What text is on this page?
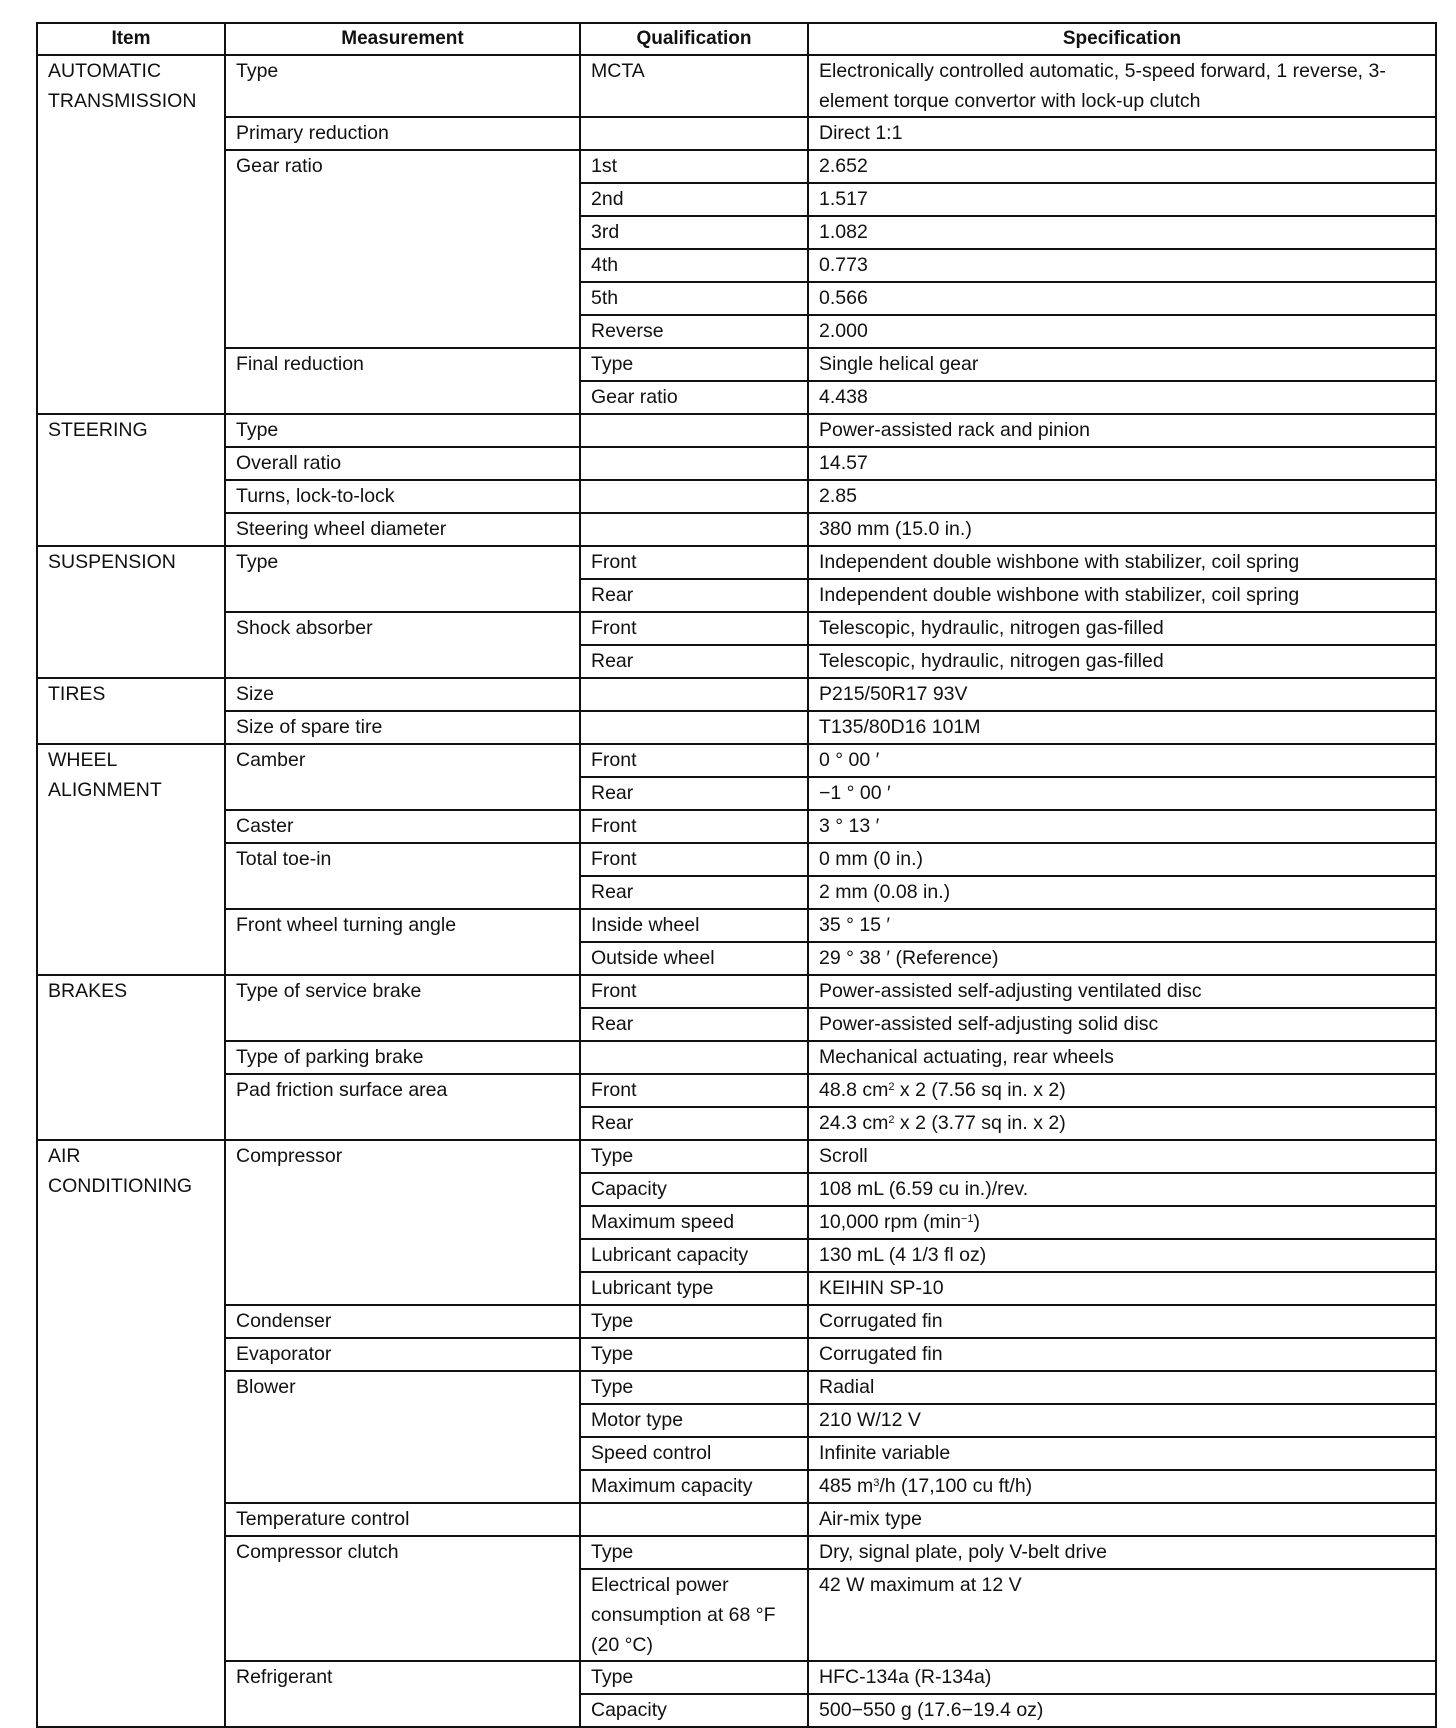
Item	Measurement	Qualification	Specification
AUTOMATIC TRANSMISSION	Type	MCTA	Electronically controlled automatic, 5-speed forward, 1 reverse, 3-element torque convertor with lock-up clutch
	Primary reduction		Direct 1:1
	Gear ratio	1st	2.652
		2nd	1.517
		3rd	1.082
		4th	0.773
		5th	0.566
		Reverse	2.000
	Final reduction	Type	Single helical gear
		Gear ratio	4.438
STEERING	Type		Power-assisted rack and pinion
	Overall ratio		14.57
	Turns, lock-to-lock		2.85
	Steering wheel diameter		380 mm (15.0 in.)
SUSPENSION	Type	Front	Independent double wishbone with stabilizer, coil spring
		Rear	Independent double wishbone with stabilizer, coil spring
	Shock absorber	Front	Telescopic, hydraulic, nitrogen gas-filled
		Rear	Telescopic, hydraulic, nitrogen gas-filled
TIRES	Size		P215/50R17 93V
	Size of spare tire		T135/80D16 101M
WHEEL ALIGNMENT	Camber	Front	0 ° 00 ′
		Rear	−1 ° 00 ′
	Caster	Front	3 ° 13 ′
	Total toe-in	Front	0 mm (0 in.)
		Rear	2 mm (0.08 in.)
	Front wheel turning angle	Inside wheel	35 ° 15 ′
		Outside wheel	29 ° 38 ′ (Reference)
BRAKES	Type of service brake	Front	Power-assisted self-adjusting ventilated disc
		Rear	Power-assisted self-adjusting solid disc
	Type of parking brake		Mechanical actuating, rear wheels
	Pad friction surface area	Front	48.8 $cm^2$ x 2 (7.56 sq in. x 2)
		Rear	24.3 $cm^2$ x 2 (3.77 sq in. x 2)
AIR CONDITIONING	Compressor	Type	Scroll
		Capacity	108 mL (6.59 cu in.)/rev.
		Maximum speed	10,000 rpm $(\min^{-1})$
		Lubricant capacity	130 mL (4 1/3 fl oz)
		Lubricant type	KEIHIN SP-10
	Condenser	Type	Corrugated fin
	Evaporator	Type	Corrugated fin
	Blower	Type	Radial
		Motor type	210 W/12 V
		Speed control	Infinite variable
		Maximum capacity	485 $m^3/h$ (17,100 cu ft/h)
	Temperature control		Air-mix type
	Compressor clutch	Type	Dry, signal plate, poly V-belt drive
		Electrical power consumption at 68 °F (20 °C)	42 W maximum at 12 V
	Refrigerant	Type	HFC-134a (R-134a)
		Capacity	500−550 g (17.6−19.4 oz)
